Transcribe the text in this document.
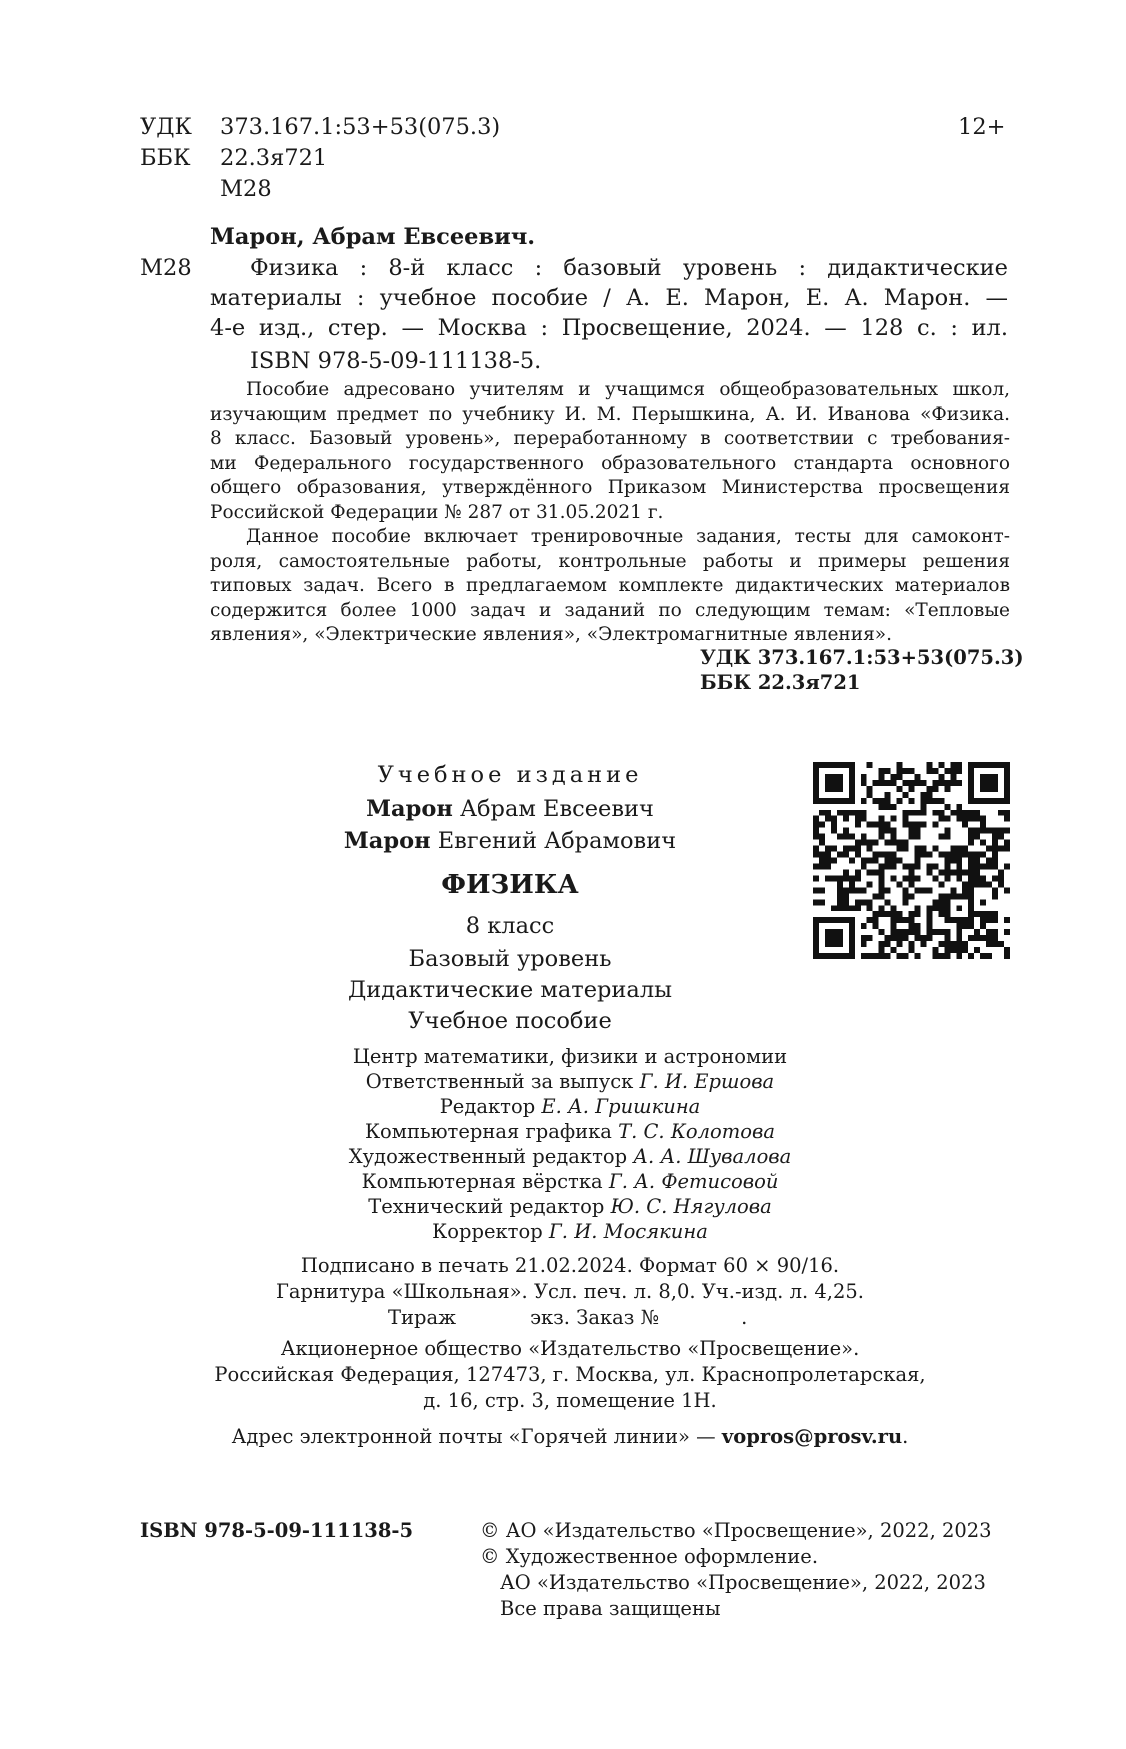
УДК 373.167.1:53+53(075.3)	12+
ББК 22.3я721
М28
Марон, Абрам Евсеевич.
М28	Физика : 8-й класс : базовый уровень : дидактические
материалы : учебное пособие / А. Е. Марон, Е. А. Марон. —
4-е изд., стер. — Москва : Просвещение, 2024. — 128 с. : ил.
ISBN 978-5-09-111138-5.

Пособие адресовано учителям и учащимся общеобразовательных школ,

изучающим предмет по учебнику И. М. Перышкина, А. И. Иванова «Физика.

8 класс. Базовый уровень», переработанному в соответствии с требования-

ми Федерального государственного образовательного стандарта основного

общего образования, утверждённого Приказом Министерства просвещения

Российской Федерации № 287 от 31.05.2021 г.

Данное пособие включает тренировочные задания, тесты для самоконт-

роля, самостоятельные работы, контрольные работы и примеры решения

типовых задач. Всего в предлагаемом комплекте дидактических материалов

содержится более 1000 задач и заданий по следующим темам: «Тепловые

явления», «Электрические явления», «Электромагнитные явления».

УДК 373.167.1:53+53(075.3)
ББК 22.3я721
Учебное издание
Марон Абрам Евсеевич
Марон Евгений Абрамович
ФИЗИКА
8 класс
Базовый уровень
Дидактические материалы
Учебное пособие
Центр математики, физики и астрономии
Ответственный за выпуск Г. И. Ершова
Редактор Е. А. Гришкина
Компьютерная графика Т. С. Колотова
Художественный редактор А. А. Шувалова
Компьютерная вёрстка Г. А. Фетисовой
Технический редактор Ю. С. Нягулова
Корректор Г. И. Мосякина
Подписано в печать 21.02.2024. Формат 60 × 90/16.
Гарнитура «Школьная». Усл. печ. л. 8,0. Уч.-изд. л. 4,25.
Тираж	экз. Заказ №	.
Акционерное общество «Издательство «Просвещение».
Российская Федерация, 127473, г. Москва, ул. Краснопролетарская,
д. 16, стр. 3, помещение 1Н.
Адрес электронной почты «Горячей линии» — vopros@prosv.ru.
ISBN 978-5-09-111138-5	© АО «Издательство «Просвещение», 2022, 2023
© Художественное оформление.
АО «Издательство «Просвещение», 2022, 2023
Все права защищены
